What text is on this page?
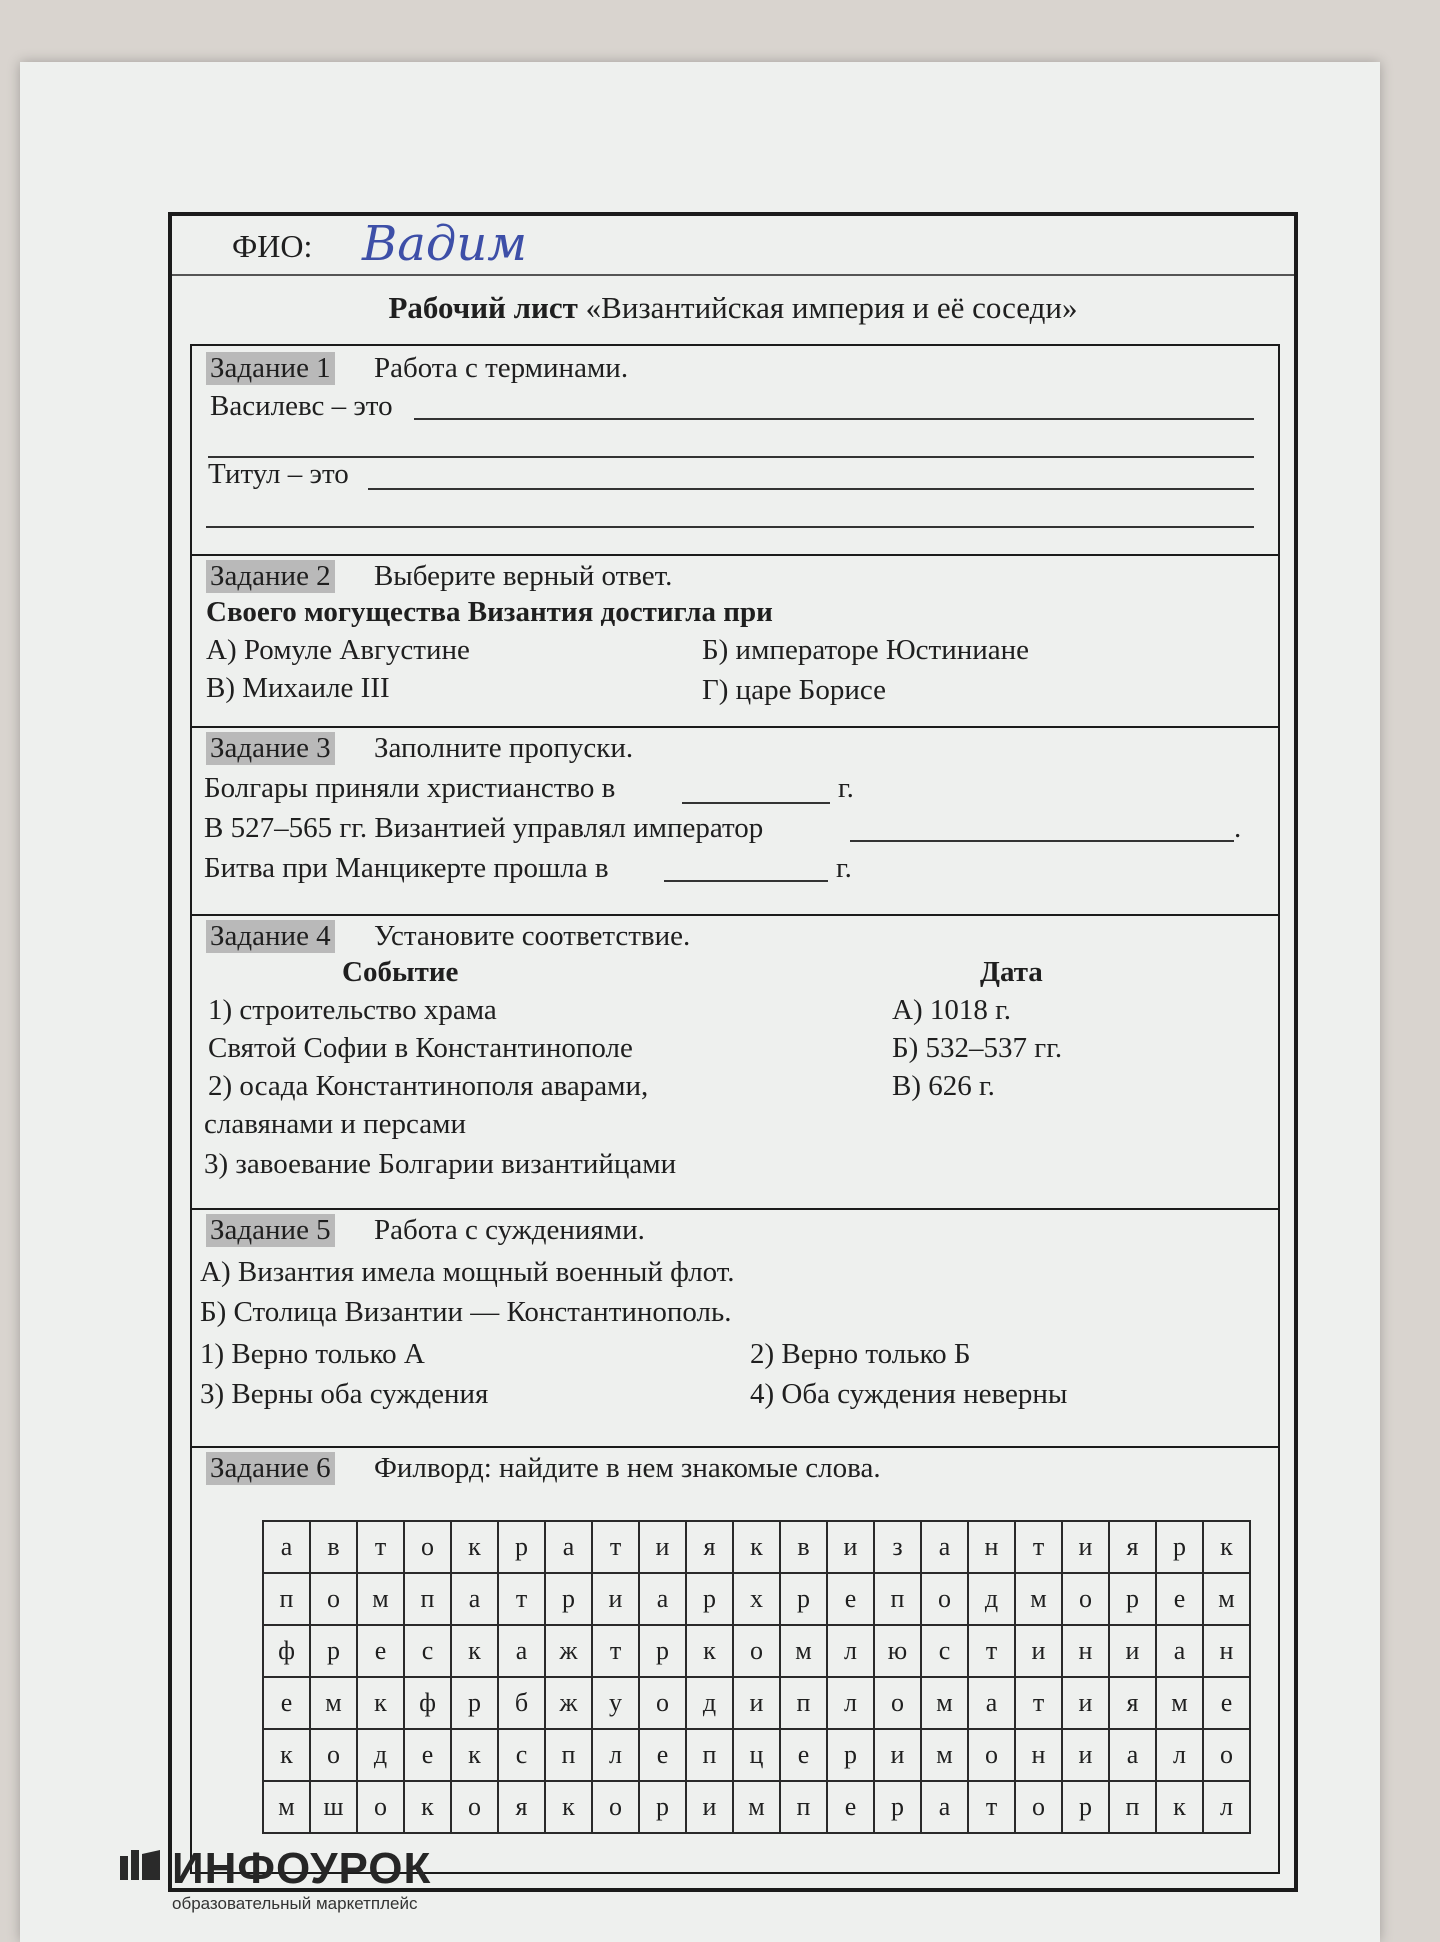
ФИО: Вадим
Рабочий лист «Византийская империя и её соседи»
Задание 1 Работа с терминами.
Василевс – это
Титул – это
Задание 2 Выберите верный ответ.
Своего могущества Византия достигла при
А) Ромуле Августине	Б) императоре Юстиниане
В) Михаиле III	Г) царе Борисе
Задание 3 Заполните пропуски.
Болгары приняли христианство в	г.
В 527–565 гг. Византией управлял император	.
Битва при Манцикерте прошла в	г.
Задание 4 Установите соответствие.
Событие	Дата
1) строительство храма
Святой Софии в Константинополе
2) осада Константинополя аварами,
славянами и персами
3) завоевание Болгарии византийцами
А) 1018 г.
Б) 532–537 гг.
В) 626 г.
Задание 5 Работа с суждениями.
А) Византия имела мощный военный флот.
Б) Столица Византии — Константинополь.
1) Верно только А	2) Верно только Б
3) Верны оба суждения	4) Оба суждения неверны
Задание 6 Филворд: найдите в нем знакомые слова.
а	в	т	о	к	р	а	т	и	я	к	в	и	з	а	н	т	и	я	р	к
п	о	м	п	а	т	р	и	а	р	х	р	е	п	о	д	м	о	р	е	м
ф	р	е	с	к	а	ж	т	р	к	о	м	л	ю	с	т	и	н	и	а	н
е	м	к	ф	р	б	ж	у	о	д	и	п	л	о	м	а	т	и	я	м	е
к	о	д	е	к	с	п	л	е	п	ц	е	р	и	м	о	н	и	а	л	о
м	ш	о	к	о	я	к	о	р	и	м	п	е	р	а	т	о	р	п	к	л
ИНФОУРОК
образовательный маркетплейс
